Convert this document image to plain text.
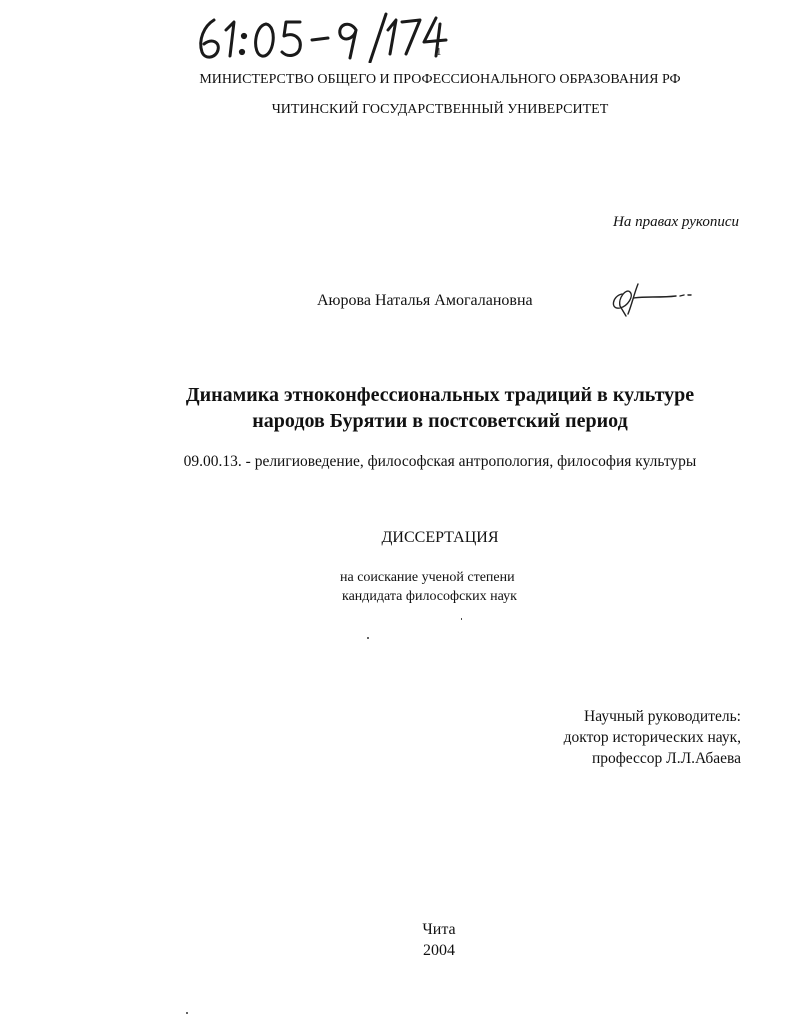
1
МИНИСТЕРСТВО ОБЩЕГО И ПРОФЕССИОНАЛЬНОГО ОБРАЗОВАНИЯ РФ
ЧИТИНСКИЙ ГОСУДАРСТВЕННЫЙ УНИВЕРСИТЕТ
На правах рукописи
Аюрова Наталья Амогалановна
Динамика этноконфессиональных традиций в культуре
народов Бурятии в постсоветский период
09.00.13. - религиоведение, философская антропология, философия культуры
ДИССЕРТАЦИЯ
на соискание ученой степени
кандидата философских наук
Научный руководитель:
доктор исторических наук,
профессор Л.Л.Абаева
Чита
2004
